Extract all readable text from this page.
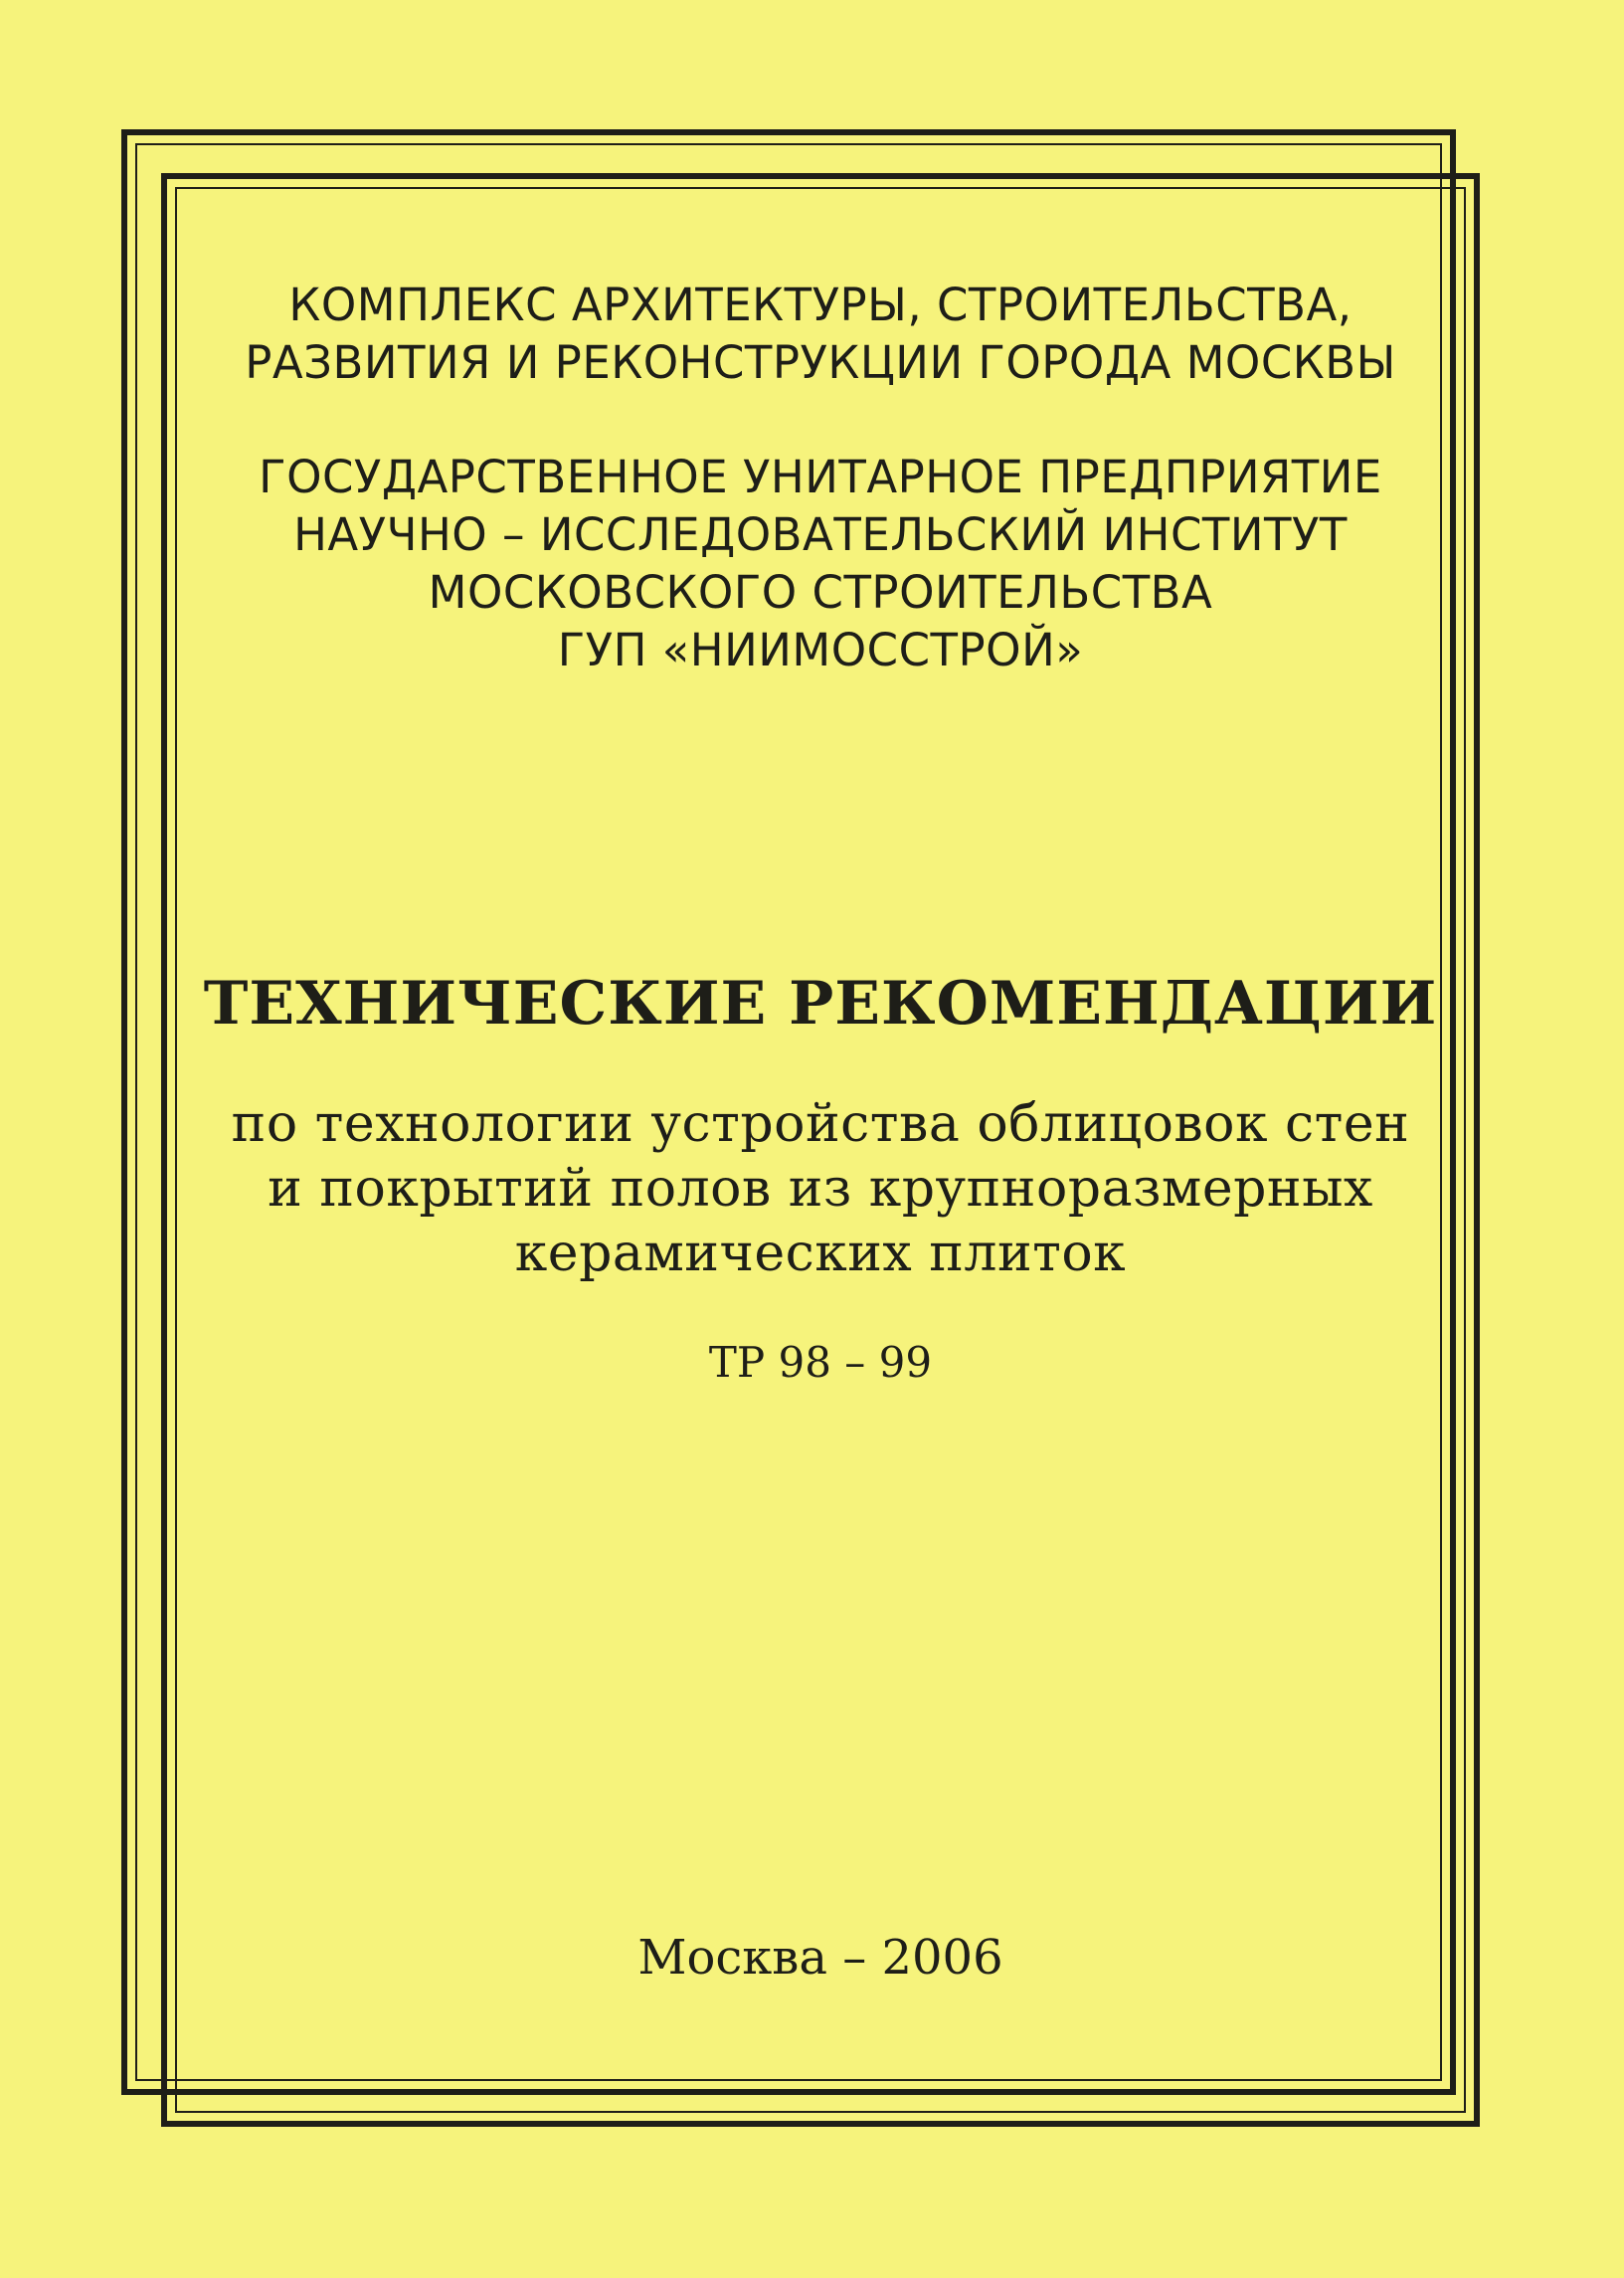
КОМПЛЕКС АРХИТЕКТУРЫ, СТРОИТЕЛЬСТВА,
РАЗВИТИЯ И РЕКОНСТРУКЦИИ ГОРОДА МОСКВЫ
ГОСУДАРСТВЕННОЕ УНИТАРНОЕ ПРЕДПРИЯТИЕ
НАУЧНО – ИССЛЕДОВАТЕЛЬСКИЙ ИНСТИТУТ
МОСКОВСКОГО СТРОИТЕЛЬСТВА
ГУП «НИИМОССТРОЙ»
ТЕХНИЧЕСКИЕ РЕКОМЕНДАЦИИ
по технологии устройства облицовок стен
и покрытий полов из крупноразмерных
керамических плиток
ТР 98 – 99
Москва – 2006
